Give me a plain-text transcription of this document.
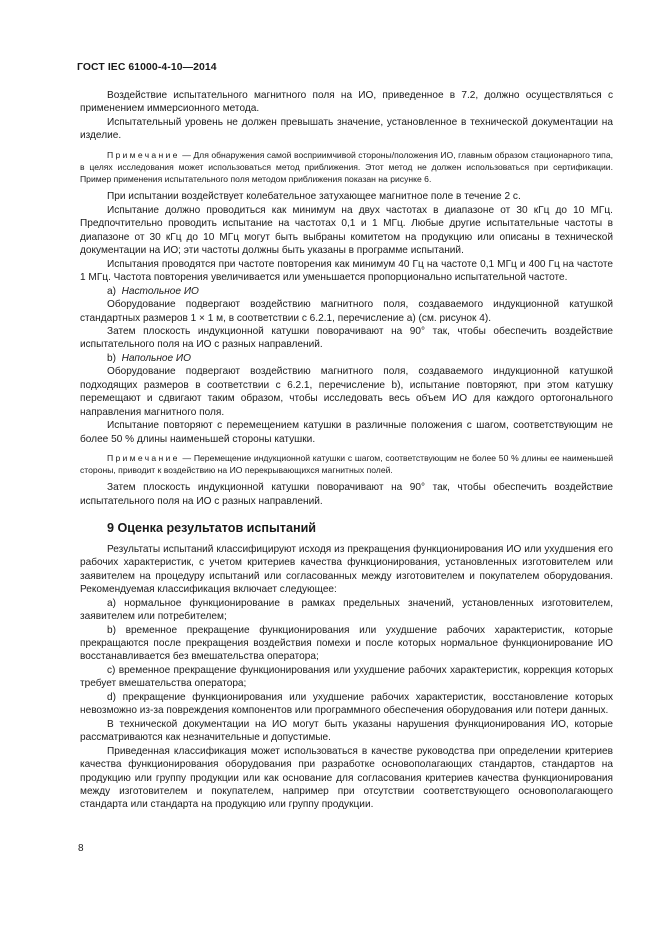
ГОСТ IEC 61000-4-10—2014

Воздействие испытательного магнитного поля на ИО, приведенное в 7.2, должно осуществляться с применением иммерсионного метода.

Испытательный уровень не должен превышать значение, установленное в технической документации на изделие.

Примечание — Для обнаружения самой восприимчивой стороны/положения ИО, главным образом стационарного типа, в целях исследования может использоваться метод приближения. Этот метод не должен использоваться при сертификации. Пример применения испытательного поля методом приближения показан на рисунке 6.

При испытании воздействует колебательное затухающее магнитное поле в течение 2 с.

Испытание должно проводиться как минимум на двух частотах в диапазоне от 30 кГц до 10 МГц. Предпочтительно проводить испытание на частотах 0,1 и 1 МГц. Любые другие испытательные частоты в диапазоне от 30 кГц до 10 МГц могут быть выбраны комитетом на продукцию или описаны в технической документации на ИО; эти частоты должны быть указаны в программе испытаний.

Испытания проводятся при частоте повторения как минимум 40 Гц на частоте 0,1 МГц и 400 Гц на частоте 1 МГц. Частота повторения увеличивается или уменьшается пропорционально испытательной частоте.

a) Настольное ИО

Оборудование подвергают воздействию магнитного поля, создаваемого индукционной катушкой стандартных размеров 1 × 1 м, в соответствии с 6.2.1, перечисление a) (см. рисунок 4).

Затем плоскость индукционной катушки поворачивают на 90° так, чтобы обеспечить воздействие испытательного поля на ИО с разных направлений.

b) Напольное ИО

Оборудование подвергают воздействию магнитного поля, создаваемого индукционной катушкой подходящих размеров в соответствии с 6.2.1, перечисление b), испытание повторяют, при этом катушку перемещают и сдвигают таким образом, чтобы исследовать весь объем ИО для каждого ортогонального направления магнитного поля.

Испытание повторяют с перемещением катушки в различные положения с шагом, соответствующим не более 50 % длины наименьшей стороны катушки.

Примечание — Перемещение индукционной катушки с шагом, соответствующим не более 50 % длины ее наименьшей стороны, приводит к воздействию на ИО перекрывающихся магнитных полей.

Затем плоскость индукционной катушки поворачивают на 90° так, чтобы обеспечить воздействие испытательного поля на ИО с разных направлений.

9 Оценка результатов испытаний

Результаты испытаний классифицируют исходя из прекращения функционирования ИО или ухудшения его рабочих характеристик, с учетом критериев качества функционирования, установленных изготовителем или заявителем на процедуру испытаний или согласованных между изготовителем и покупателем оборудования. Рекомендуемая классификация включает следующее:

a) нормальное функционирование в рамках предельных значений, установленных изготовителем, заявителем или потребителем;

b) временное прекращение функционирования или ухудшение рабочих характеристик, которые прекращаются после прекращения воздействия помехи и после которых нормальное функционирование ИО восстанавливается без вмешательства оператора;

c) временное прекращение функционирования или ухудшение рабочих характеристик, коррекция которых требует вмешательства оператора;

d) прекращение функционирования или ухудшение рабочих характеристик, восстановление которых невозможно из-за повреждения компонентов или программного обеспечения оборудования или потери данных.

В технической документации на ИО могут быть указаны нарушения функционирования ИО, которые рассматриваются как незначительные и допустимые.

Приведенная классификация может использоваться в качестве руководства при определении критериев качества функционирования оборудования при разработке основополагающих стандартов, стандартов на продукцию или группу продукции или как основание для согласования критериев качества функционирования между изготовителем и покупателем, например при отсутствии соответствующего основополагающего стандарта или стандарта на продукцию или группу продукции.

8
